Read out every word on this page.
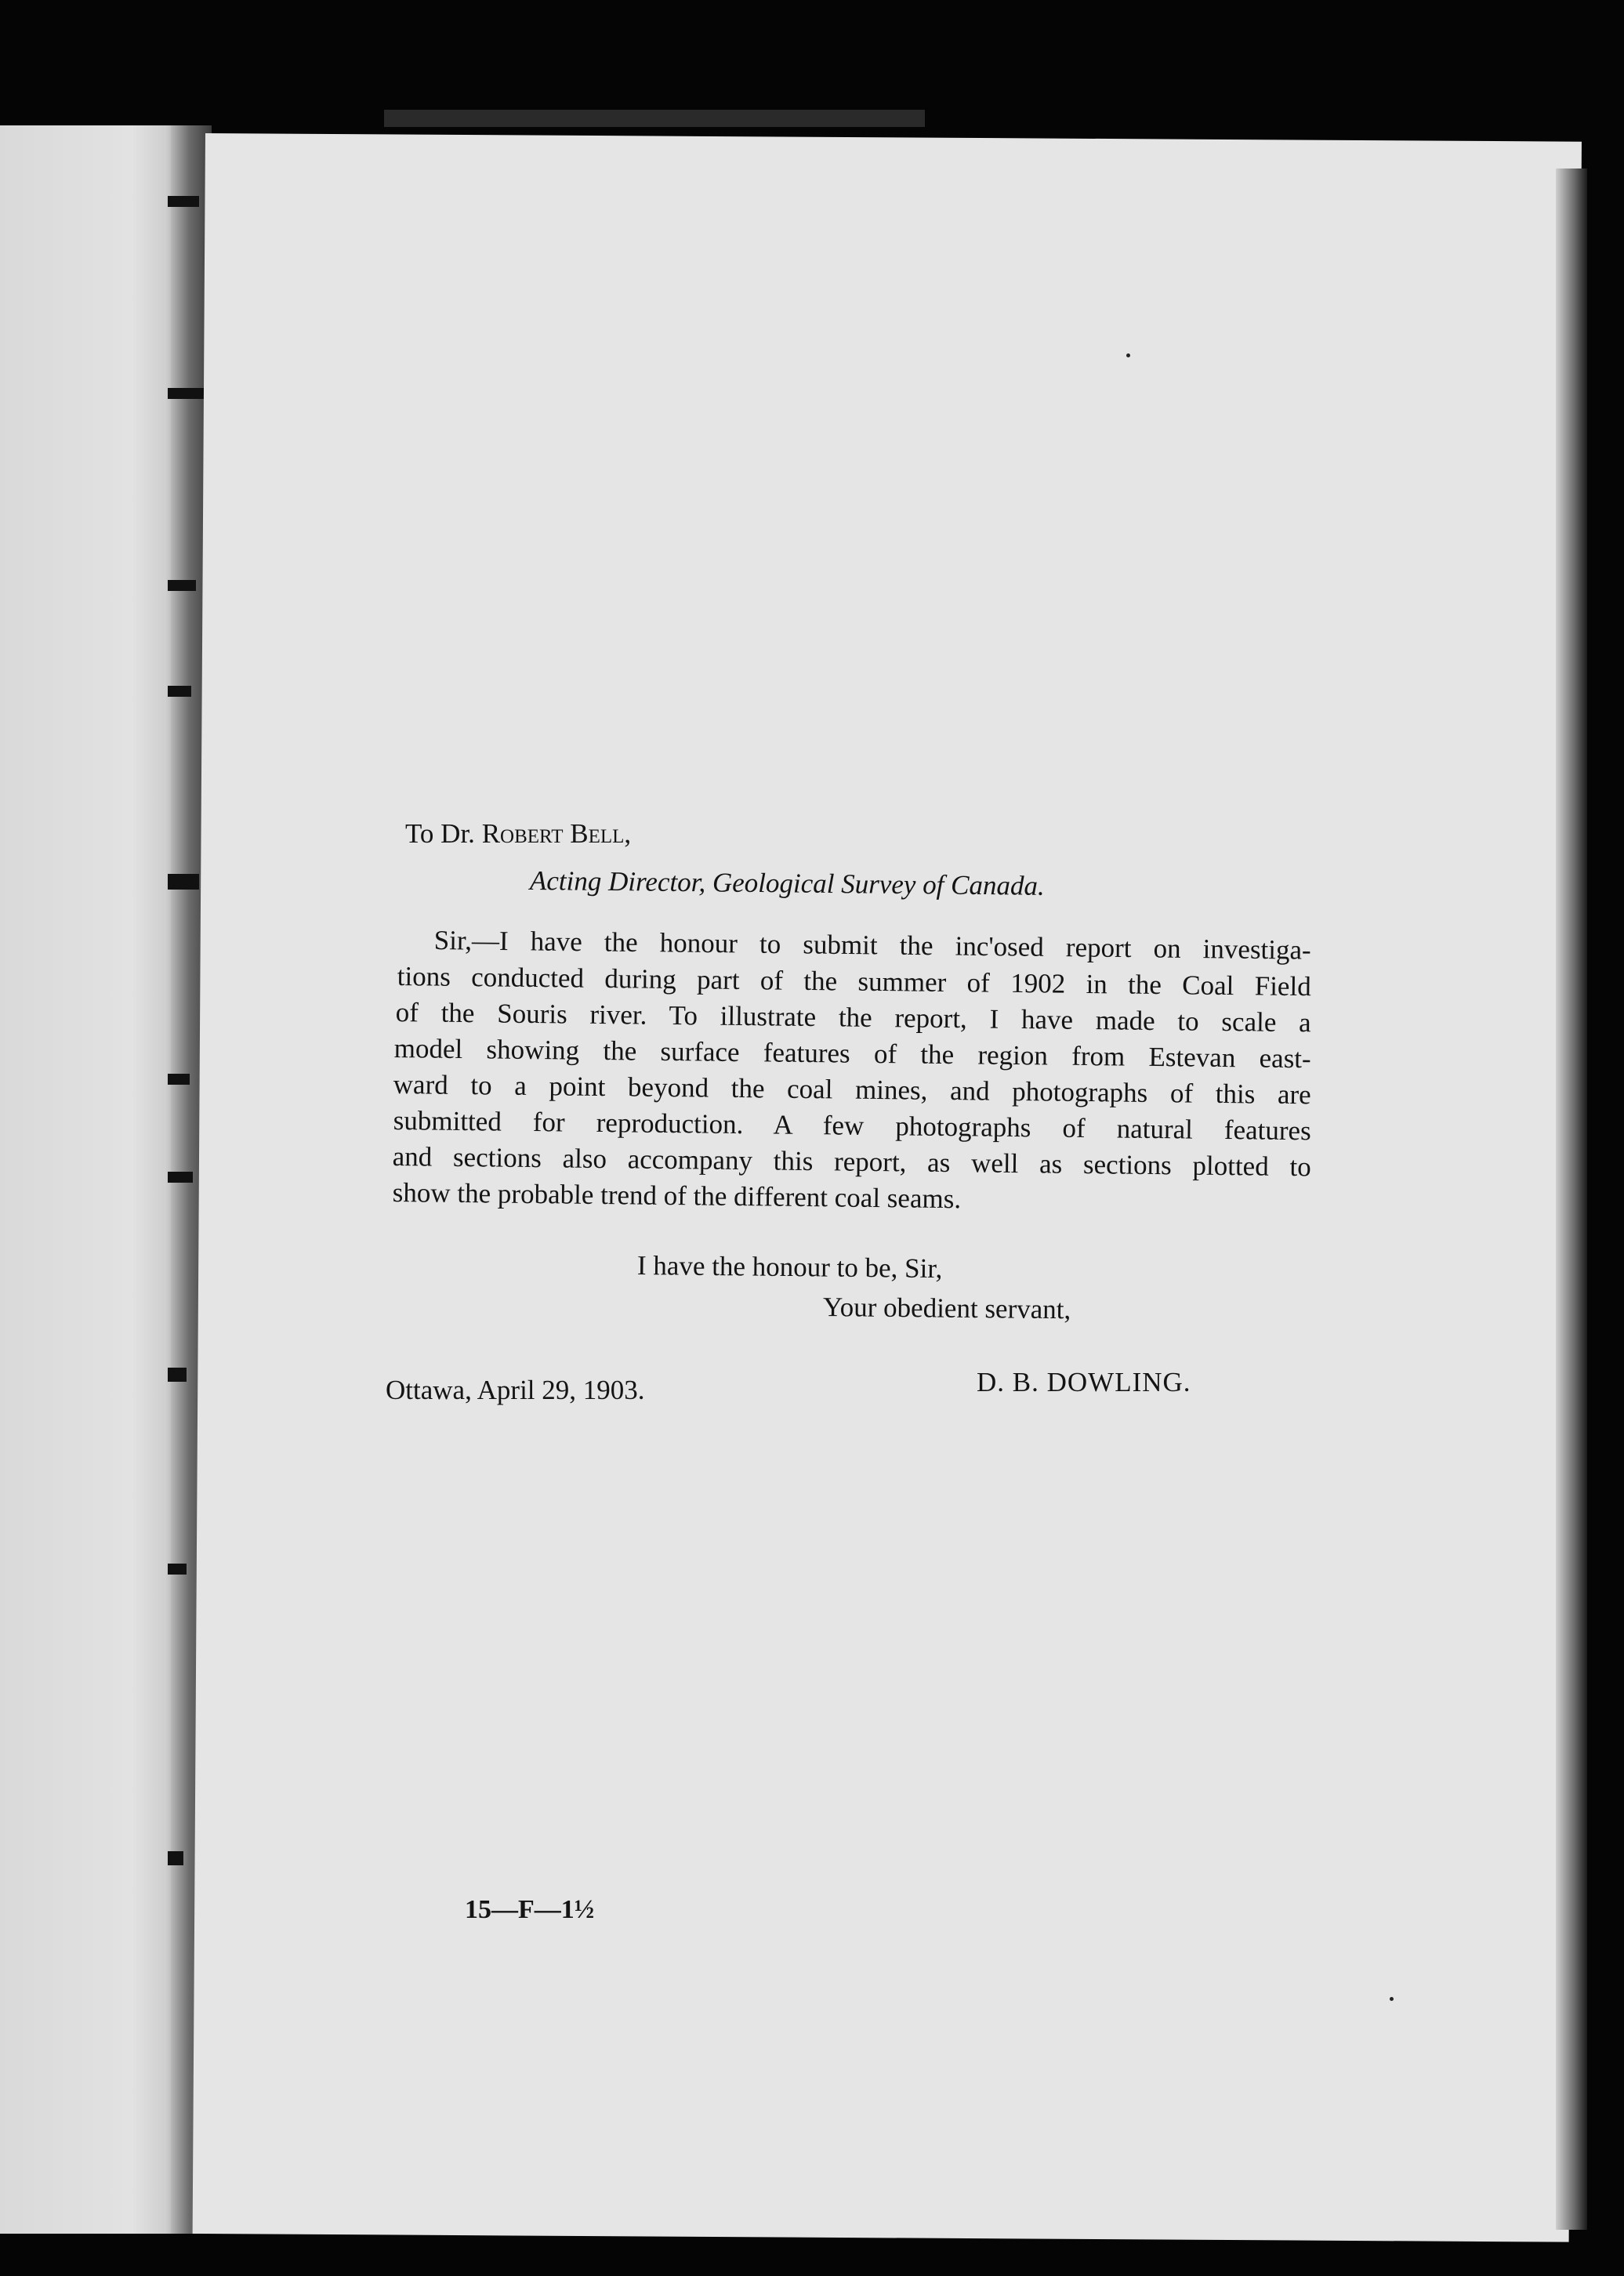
To Dr. Robert Bell,
Acting Director, Geological Survey of Canada.
Sir,—I have the honour to submit the inc'osed report on investiga-
tions conducted during part of the summer of 1902 in the Coal Field
of the Souris river. To illustrate the report, I have made to scale a
model showing the surface features of the region from Estevan east-
ward to a point beyond the coal mines, and photographs of this are
submitted for reproduction. A few photographs of natural features
and sections also accompany this report, as well as sections plotted to
show the probable trend of the different coal seams.
I have the honour to be, Sir,
Your obedient servant,
Ottawa, April 29, 1903.	D. B. DOWLING.
15—F—1½
